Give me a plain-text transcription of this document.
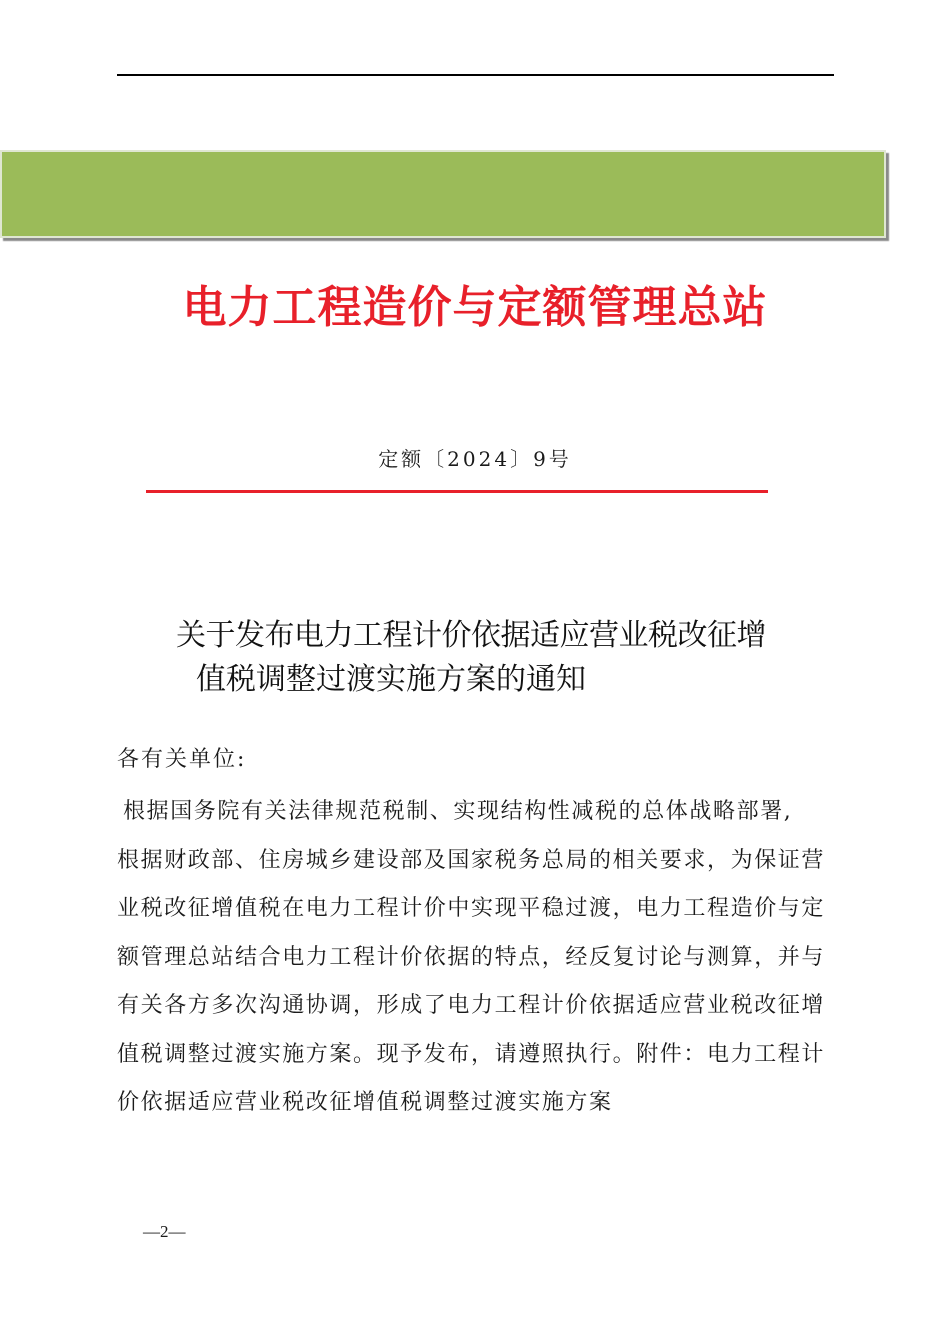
电力工程造价与定额管理总站
定额〔2024〕9号
关于发布电力工程计价依据适应营业税改征增
值税调整过渡实施方案的通知
各有关单位:
根据国务院有关法律规范税制、实现结构性减税的总体战略部署,
根据财政部、住房城乡建设部及国家税务总局的相关要求，为保证营
业税改征增值税在电力工程计价中实现平稳过渡，电力工程造价与定
额管理总站结合电力工程计价依据的特点，经反复讨论与测算，并与
有关各方多次沟通协调，形成了电力工程计价依据适应营业税改征增
值税调整过渡实施方案。现予发布，请遵照执行。附件：电力工程计
价依据适应营业税改征增值税调整过渡实施方案
—2—
